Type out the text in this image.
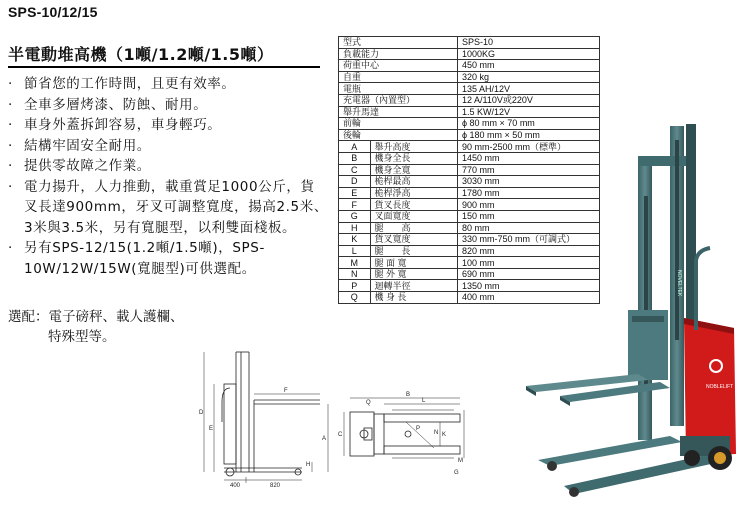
SPS-10/12/15
半電動堆高機（1噸/1.2噸/1.5噸）
· 節省您的工作時間，且更有效率。
· 全車多層烤漆、防蝕、耐用。
· 車身外蓋拆卸容易，車身輕巧。
· 結構牢固安全耐用。
· 提供零故障之作業。
· 電力揚升，人力推動，載重賞足1000公斤，貨叉長達900mm，牙叉可調整寬度，揚高2.5米、3米與3.5米，另有寬腿型，以利雙面棧板。
· 另有SPS-12/15(1.2噸/1.5噸)，SPS-10W/12W/15W(寬腿型)可供選配。
選配：電子磅秤、載人護欄、
特殊型等。
型式		SPS-10
負載能力		1000KG
荷重中心		450 mm
自重		320 kg
電瓶		135 AH/12V
充電器（內置型）		12 A/110V或220V
舉升馬達		1.5 KW/12V
前輪		ϕ 80 mm × 70 mm
後輪		ϕ 180 mm × 50 mm
A	舉升高度	90 mm-2500 mm（標準）
B	機身全長	1450 mm
C	機身全寬	770 mm
D	桅桿最高	3030 mm
E	桅桿淨高	1780 mm
F	貨叉長度	900 mm
G	叉面寬度	150 mm
H	腿　　高	80 mm
K	貨叉寬度	330 mm-750 mm（可調式）
L	腿　　長	820 mm
M	腿 面 寬	100 mm
N	腿 外 寬	690 mm
P	迴轉半徑	1350 mm
Q	機 身 長	400 mm
D
E
F
A
H
400	820
B
L
Q
C	K
N
M
P
G
NOBLELIFT
NOVELTEK
